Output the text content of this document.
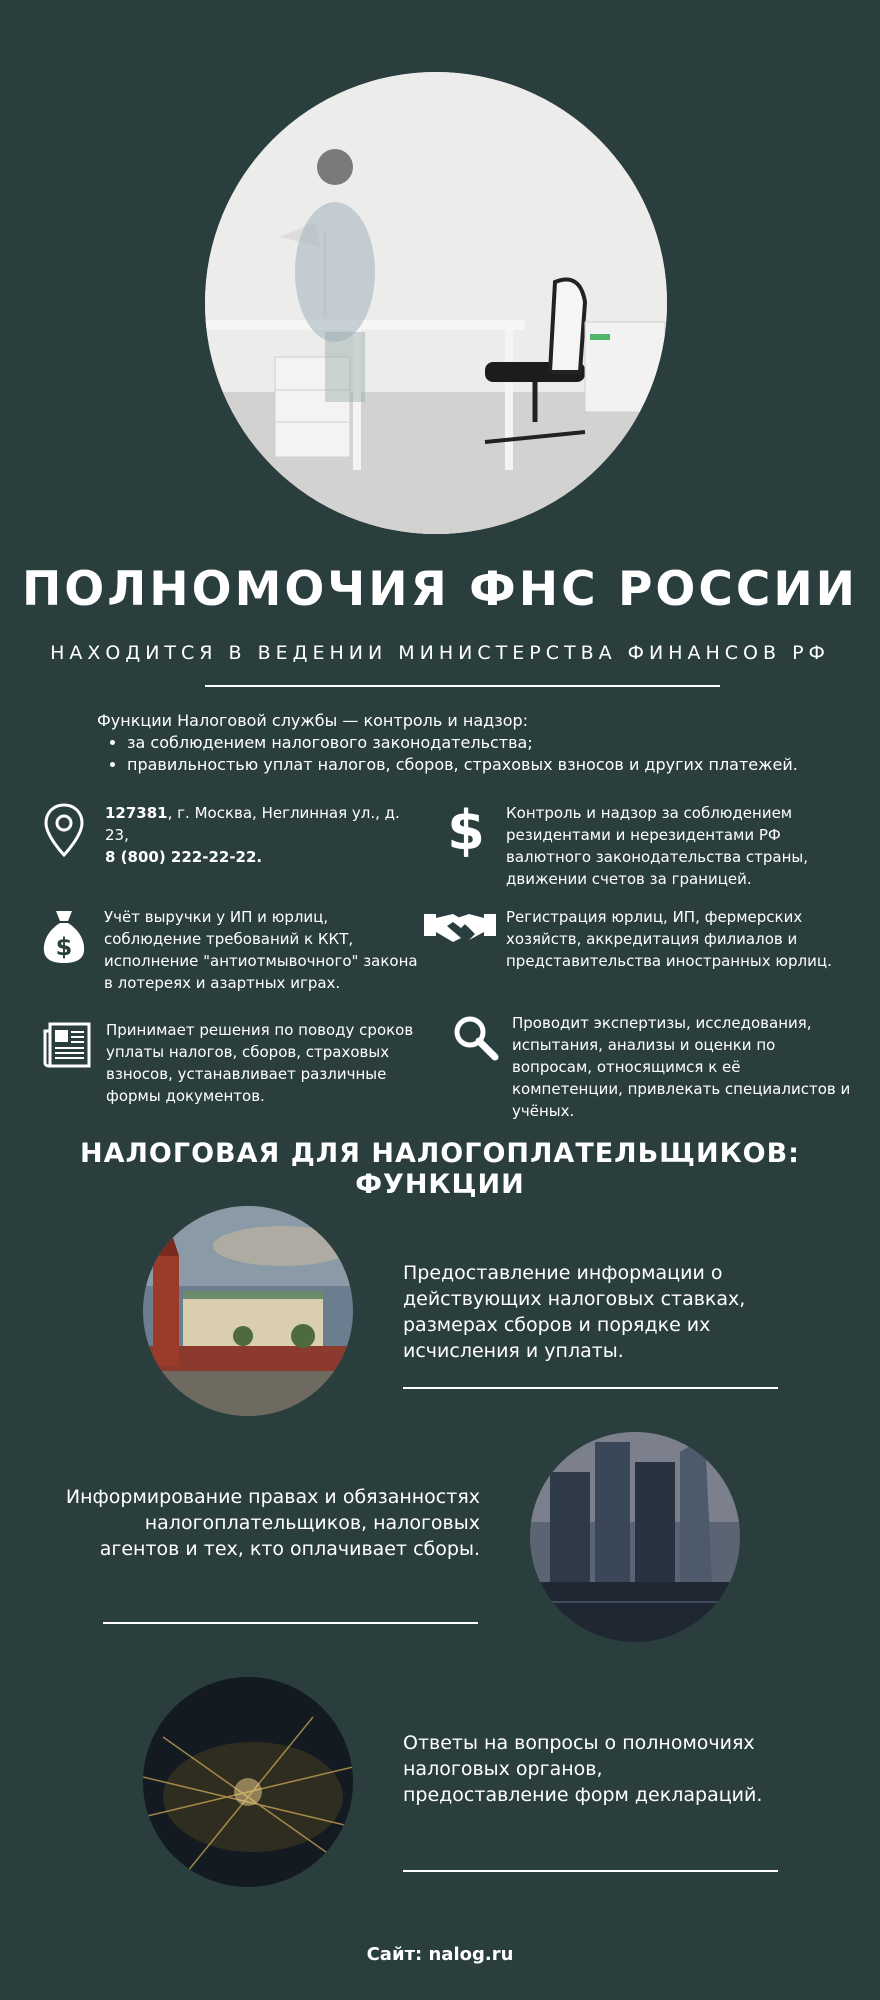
ПОЛНОМОЧИЯ ФНС РОССИИ
НАХОДИТСЯ В ВЕДЕНИИ МИНИСТЕРСТВА ФИНАНСОВ РФ
Функции Налоговой службы — контроль и надзор:
• за соблюдением налогового законодательства;
• правильностью уплат налогов, сборов, страховых взносов и других платежей.
127381, г. Москва, Неглинная ул., д. 23,
8 (800) 222-22-22.	$	Контроль и надзор за соблюдением резидентами и нерезидентами РФ валютного законодательства страны, движении счетов за границей.
$
Учёт выручки у ИП и юрлиц, соблюдение требований к ККТ, исполнение "антиотмывочного" закона в лотереях и азартных играх.
Регистрация юрлиц, ИП, фермерских хозяйств, аккредитация филиалов и представительства иностранных юрлиц.
Принимает решения по поводу сроков уплаты налогов, сборов, страховых взносов, устанавливает различные формы документов.
Проводит экспертизы, исследования, испытания, анализы и оценки по вопросам, относящимся к её компетенции, привлекать специалистов и учёных.
НАЛОГОВАЯ ДЛЯ НАЛОГОПЛАТЕЛЬЩИКОВ: ФУНКЦИИ
Предоставление информации о действующих налоговых ставках, размерах сборов и порядке их исчисления и уплаты.
Информирование правах и обязанностях налогоплательщиков, налоговых агентов и тех, кто оплачивает сборы.
Ответы на вопросы о полномочиях налоговых органов, предоставление форм деклараций.
Сайт: nalog.ru
